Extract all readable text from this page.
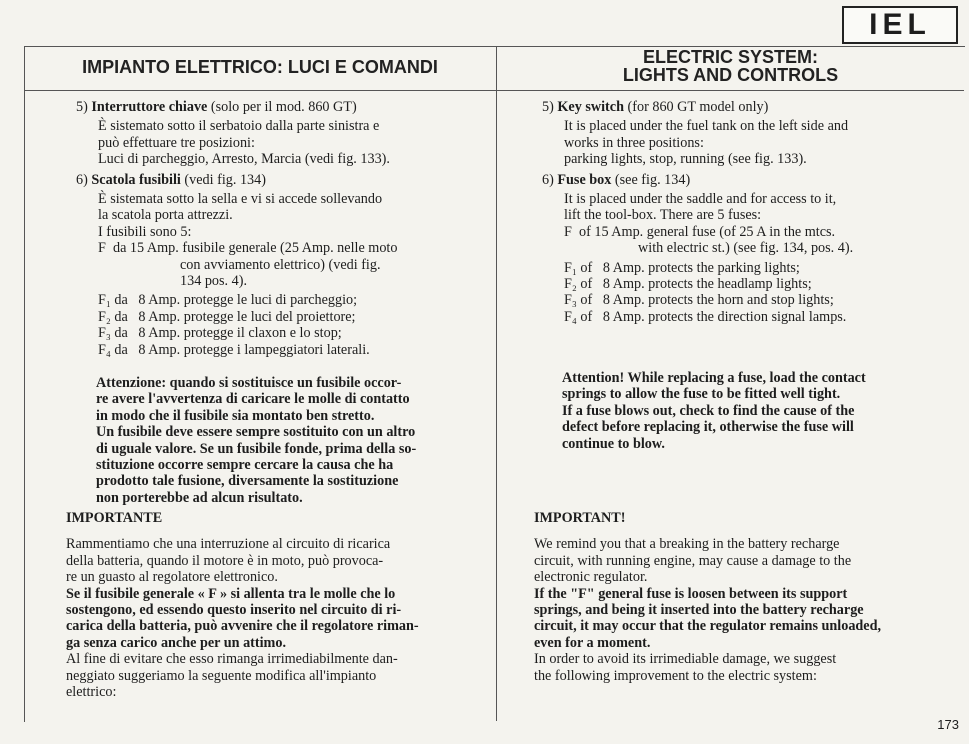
IEL
IMPIANTO ELETTRICO: LUCI E COMANDI	ELECTRIC SYSTEM:
LIGHTS AND CONTROLS

5) Interruttore chiave (solo per il mod. 860 GT)

È sistemato sotto il serbatoio dalla parte sinistra e

può effettuare tre posizioni:

Luci di parcheggio, Arresto, Marcia (vedi fig. 133).

6) Scatola fusibili (vedi fig. 134)

È sistemata sotto la sella e vi si accede sollevando

la scatola porta attrezzi.

I fusibili sono 5:

F  da 15 Amp. fusibile generale (25 Amp. nelle moto

con avviamento elettrico) (vedi fig.

134 pos. 4).

F₁ da   8 Amp. protegge le luci di parcheggio;

F₂ da   8 Amp. protegge le luci del proiettore;

F₃ da   8 Amp. protegge il claxon e lo stop;

F₄ da   8 Amp. protegge i lampeggiatori laterali.

Attenzione: quando si sostituisce un fusibile occor-

re avere l'avvertenza di caricare le molle di contatto

in modo che il fusibile sia montato ben stretto.

Un fusibile deve essere sempre sostituito con un altro

di uguale valore. Se un fusibile fonde, prima della so-

stituzione occorre sempre cercare la causa che ha

prodotto tale fusione, diversamente la sostituzione

non porterebbe ad alcun risultato.

IMPORTANTE

Rammentiamo che una interruzione al circuito di ricarica

della batteria, quando il motore è in moto, può provoca-

re un guasto al regolatore elettronico.

Se il fusibile generale « F » si allenta tra le molle che lo

sostengono, ed essendo questo inserito nel circuito di ri-

carica della batteria, può avvenire che il regolatore riman-

ga senza carico anche per un attimo.

Al fine di evitare che esso rimanga irrimediabilmente dan-

neggiato suggeriamo la seguente modifica all'impianto

elettrico:

5) Key switch (for 860 GT model only)

It is placed under the fuel tank on the left side and

works in three positions:

parking lights, stop, running (see fig. 133).

6) Fuse box (see fig. 134)

It is placed under the saddle and for access to it,

lift the tool-box. There are 5 fuses:

F  of 15 Amp. general fuse (of 25 A in the mtcs.

with electric st.) (see fig. 134, pos. 4).

F₁ of   8 Amp. protects the parking lights;

F₂ of   8 Amp. protects the headlamp lights;

F₃ of   8 Amp. protects the horn and stop lights;

F₄ of   8 Amp. protects the direction signal lamps.

Attention! While replacing a fuse, load the contact

springs to allow the fuse to be fitted well tight.

If a fuse blows out, check to find the cause of the

defect before replacing it, otherwise the fuse will

continue to blow.

IMPORTANT!

We remind you that a breaking in the battery recharge

circuit, with running engine, may cause a damage to the

electronic regulator.

If the "F" general fuse is loosen between its support

springs, and being it inserted into the battery recharge

circuit, it may occur that the regulator remains unloaded,

even for a moment.

In order to avoid its irrimediable damage, we suggest

the following improvement to the electric system:

173
